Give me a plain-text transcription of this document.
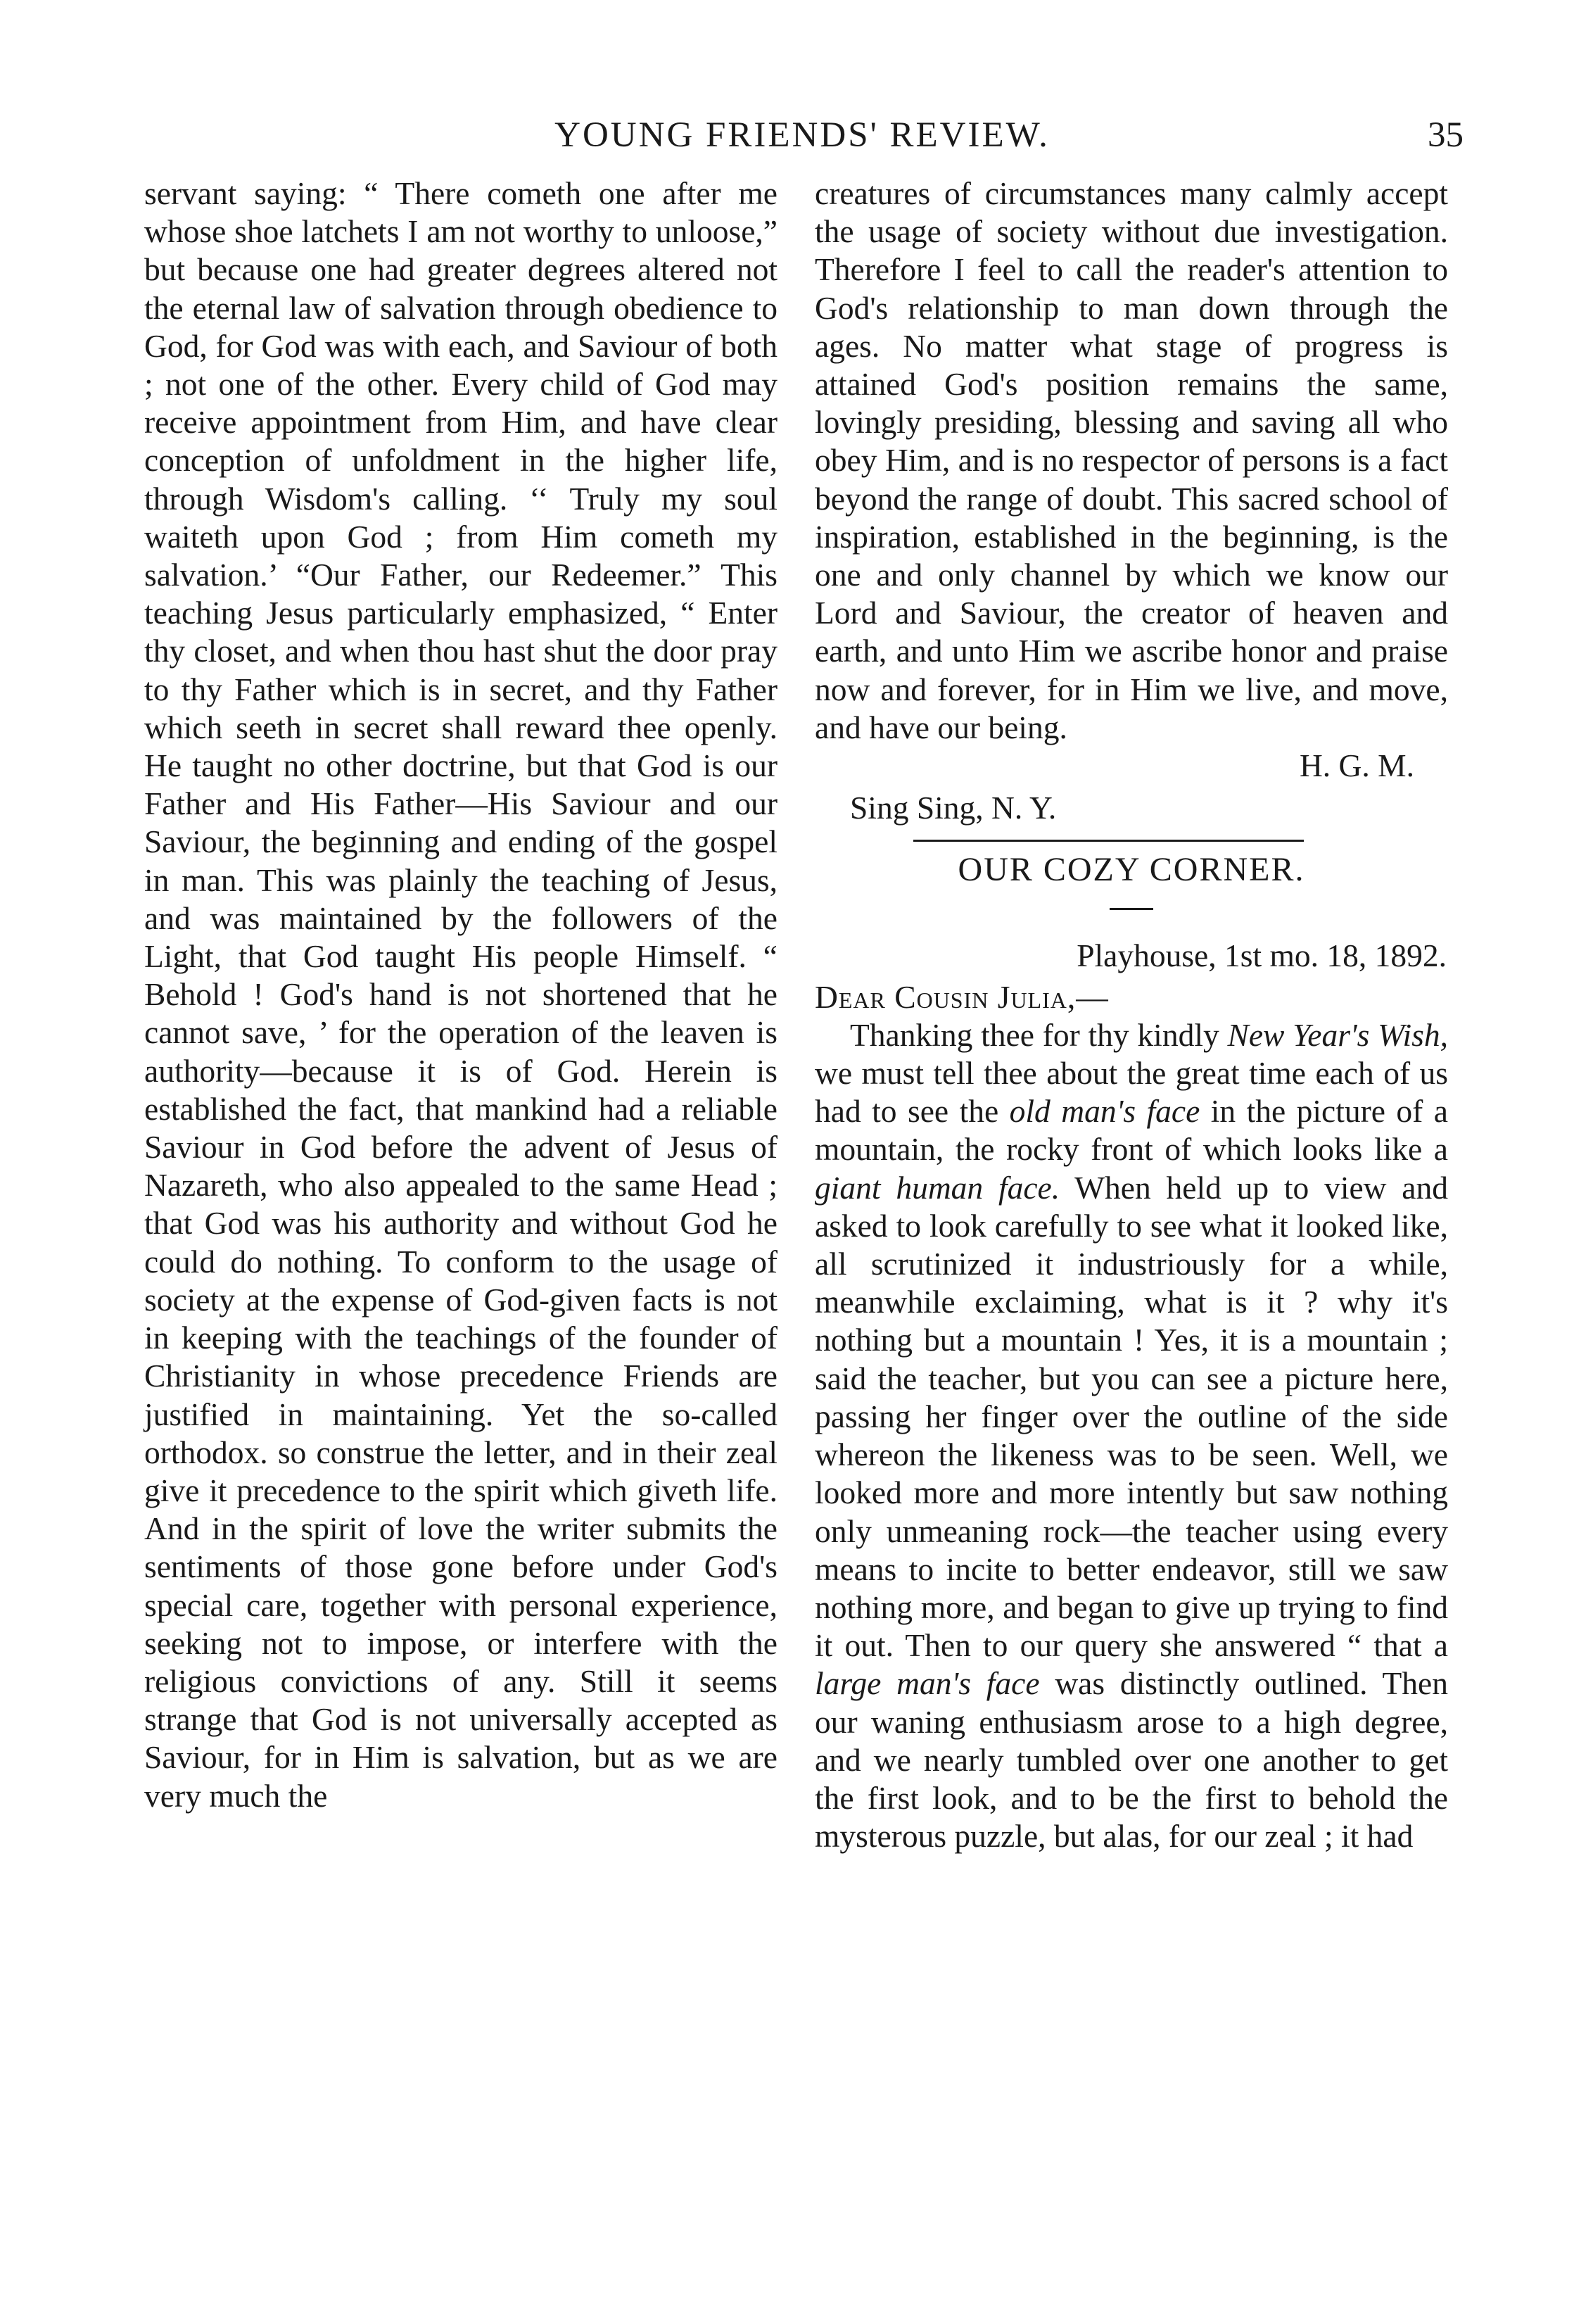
YOUNG FRIENDS' REVIEW.	35

servant saying: “ There cometh one after me whose shoe latchets I am not worthy to unloose,” but because one had greater degrees altered not the eternal law of salvation through obedience to God, for God was with each, and Saviour of both ; not one of the other. Every child of God may receive appointment from Him, and have clear conception of unfoldment in the higher life, through Wisdom's calling. ‘‘ Truly my soul waiteth upon God ; from Him cometh my salvation.’ “Our Father, our Redeemer.” This teaching Jesus particularly emphasized, “ Enter thy closet, and when thou hast shut the door pray to thy Father which is in secret, and thy Father which seeth in secret shall reward thee openly. He taught no other doctrine, but that God is our Father and His Father—His Saviour and our Saviour, the beginning and ending of the gospel in man. This was plainly the teaching of Jesus, and was maintained by the followers of the Light, that God taught His people Himself. “ Behold ! God's hand is not shortened that he cannot save, ’ for the operation of the leaven is authority—because it is of God. Herein is established the fact, that mankind had a reliable Saviour in God before the advent of Jesus of Nazareth, who also appealed to the same Head ; that God was his authority and without God he could do nothing. To conform to the usage of society at the expense of God-given facts is not in keeping with the teachings of the founder of Christianity in whose precedence Friends are justified in maintaining. Yet the so-called orthodox. so construe the letter, and in their zeal give it precedence to the spirit which giveth life. And in the spirit of love the writer submits the sentiments of those gone before under God's special care, together with personal experience, seeking not to impose, or interfere with the religious convictions of any. Still it seems strange that God is not universally accepted as Saviour, for in Him is salvation, but as we are very much the

creatures of circumstances many calmly accept the usage of society without due investigation. Therefore I feel to call the reader's attention to God's relationship to man down through the ages. No matter what stage of progress is attained God's position remains the same, lovingly presiding, blessing and saving all who obey Him, and is no respector of persons is a fact beyond the range of doubt. This sacred school of inspiration, established in the beginning, is the one and only channel by which we know our Lord and Saviour, the creator of heaven and earth, and unto Him we ascribe honor and praise now and forever, for in Him we live, and move, and have our being.

H. G. M.

Sing Sing, N. Y.

OUR COZY CORNER.

Playhouse, 1st mo. 18, 1892.

Dear Cousin Julia,—

Thanking thee for thy kindly New Year's Wish, we must tell thee about the great time each of us had to see the old man's face in the picture of a mountain, the rocky front of which looks like a giant human face. When held up to view and asked to look carefully to see what it looked like, all scrutinized it industriously for a while, meanwhile exclaiming, what is it ? why it's nothing but a mountain ! Yes, it is a mountain ; said the teacher, but you can see a picture here, passing her finger over the outline of the side whereon the likeness was to be seen. Well, we looked more and more intently but saw nothing only unmeaning rock—the teacher using every means to incite to better endeavor, still we saw nothing more, and began to give up trying to find it out. Then to our query she answered “ that a large man's face was distinctly outlined. Then our waning enthusiasm arose to a high degree, and we nearly tumbled over one another to get the first look, and to be the first to behold the mysterous puzzle, but alas, for our zeal ; it had
